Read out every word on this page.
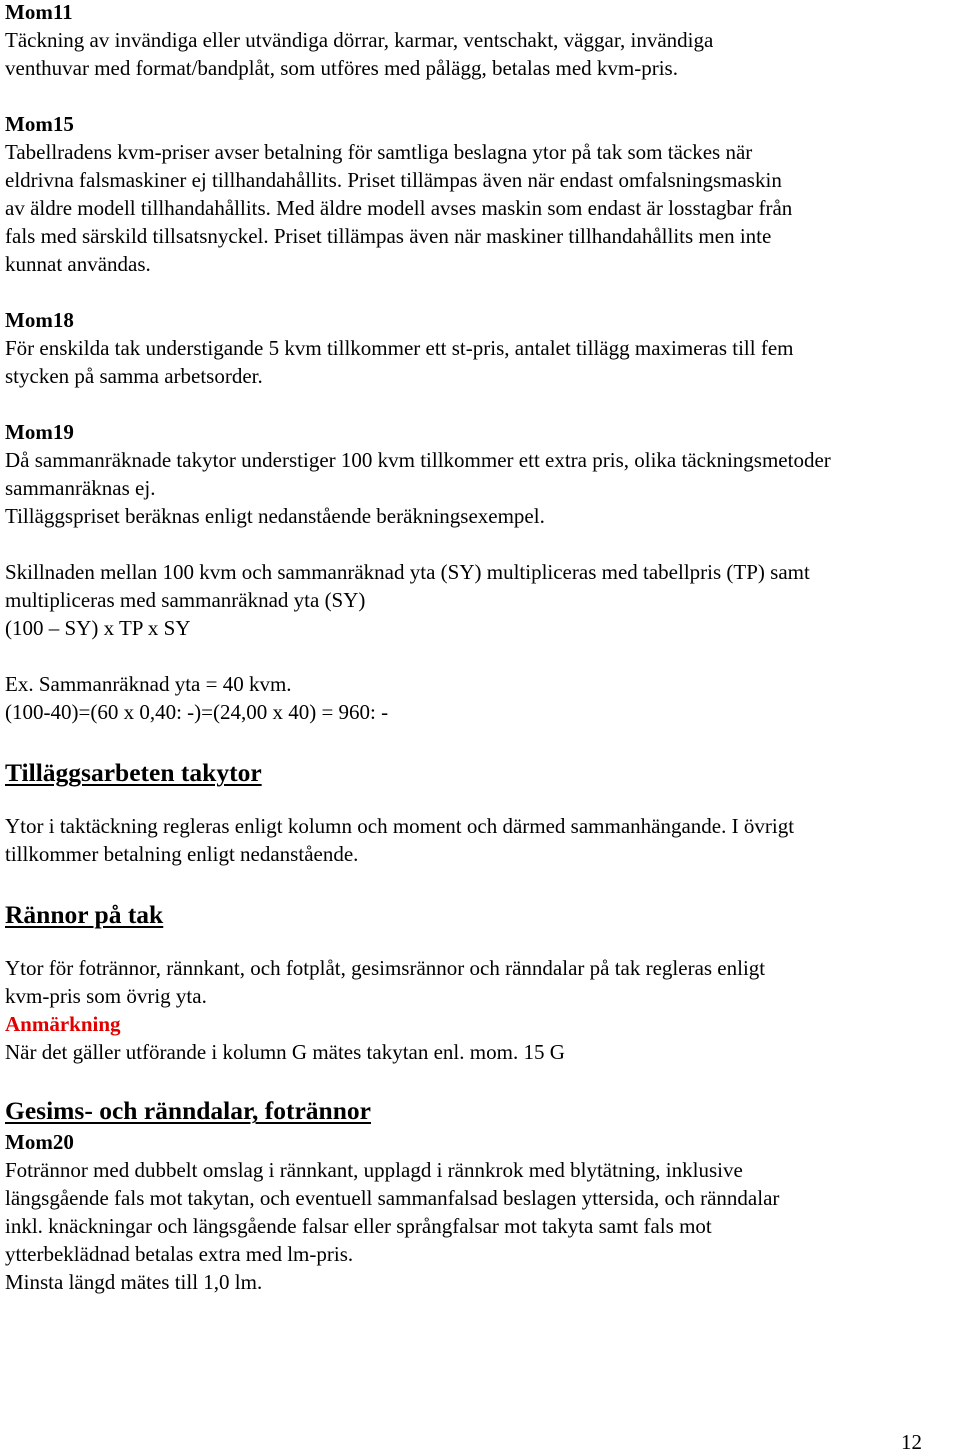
Mom11
Täckning av invändiga eller utvändiga dörrar, karmar, ventschakt, väggar, invändiga
venthuvar med format/bandplåt, som utföres med pålägg, betalas med kvm-pris.
Mom15
Tabellradens kvm-priser avser betalning för samtliga beslagna ytor på tak som täckes när
eldrivna falsmaskiner ej tillhandahållits. Priset tillämpas även när endast omfalsningsmaskin
av äldre modell tillhandahållits. Med äldre modell avses maskin som endast är losstagbar från
fals med särskild tillsatsnyckel. Priset tillämpas även när maskiner tillhandahållits men inte
kunnat användas.
Mom18
För enskilda tak understigande 5 kvm tillkommer ett st-pris, antalet tillägg maximeras till fem
stycken på samma arbetsorder.
Mom19
Då sammanräknade takytor understiger 100 kvm tillkommer ett extra pris, olika täckningsmetoder
sammanräknas ej.
Tilläggspriset beräknas enligt nedanstående beräkningsexempel.
Skillnaden mellan 100 kvm och sammanräknad yta (SY) multipliceras med tabellpris (TP) samt
multipliceras med sammanräknad yta (SY)
(100 – SY) x TP x SY
Ex. Sammanräknad yta = 40 kvm.
(100-40)=(60 x 0,40: -)=(24,00 x 40) = 960: -
Tilläggsarbeten takytor
Ytor i taktäckning regleras enligt kolumn och moment och därmed sammanhängande. I övrigt
tillkommer betalning enligt nedanstående.
Rännor på tak
Ytor för fotrännor, rännkant, och fotplåt, gesimsrännor och ränndalar på tak regleras enligt
kvm-pris som övrig yta.
Anmärkning
När det gäller utförande i kolumn G mätes takytan enl. mom. 15 G
Gesims- och ränndalar, fotrännor
Mom20
Fotrännor med dubbelt omslag i rännkant, upplagd i rännkrok med blytätning, inklusive
längsgående fals mot takytan, och eventuell sammanfalsad beslagen yttersida, och ränndalar
inkl. knäckningar och längsgående falsar eller språngfalsar mot takyta samt fals mot
ytterbeklädnad betalas extra med lm-pris.
Minsta längd mätes till 1,0 lm.
12
